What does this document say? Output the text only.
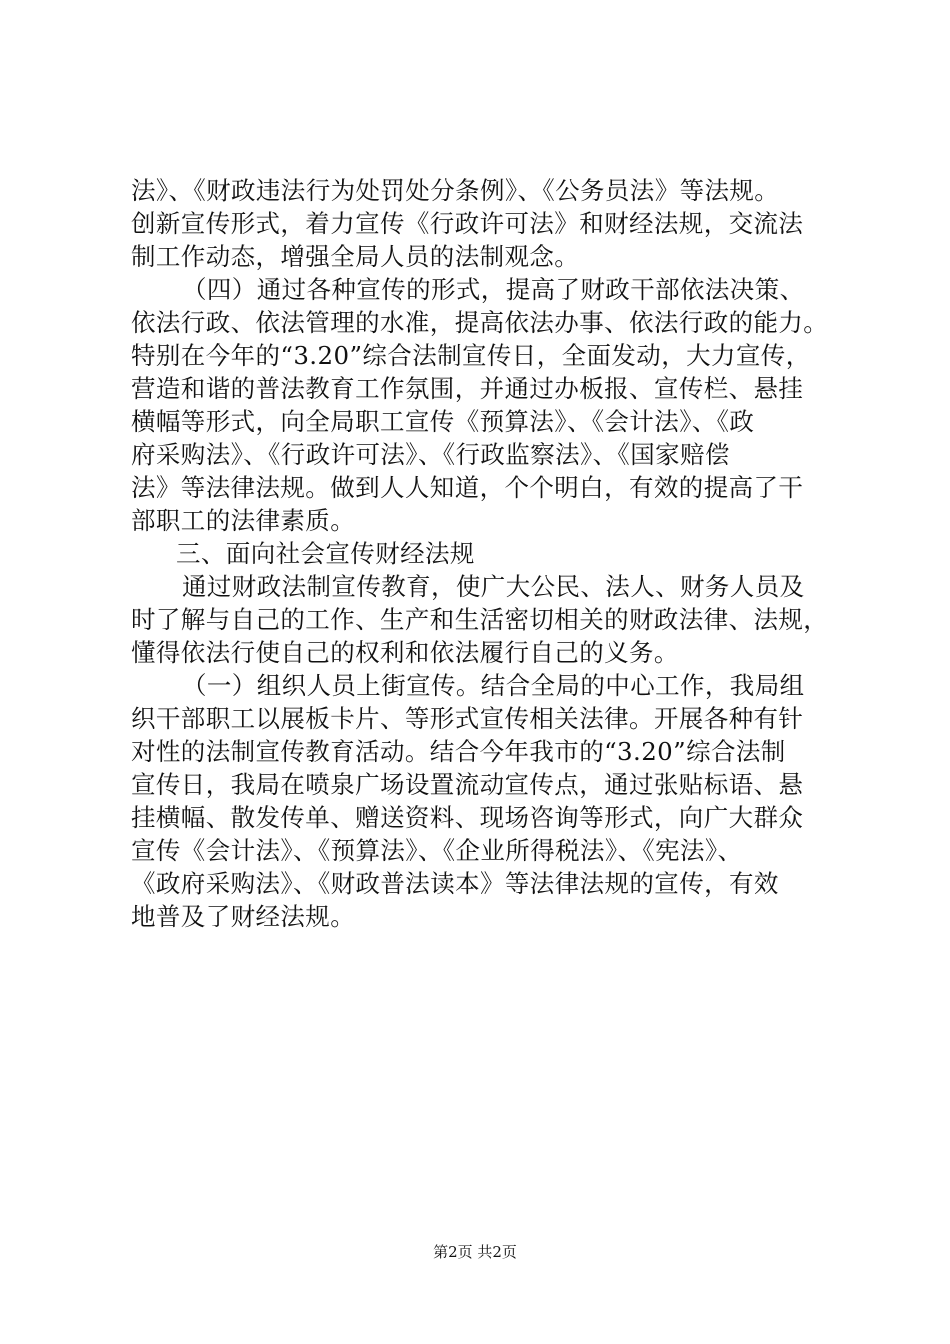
法》、《财政违法行为处罚处分条例》、《公务员法》等法规。
创新宣传形式，着力宣传《行政许可法》和财经法规，交流法
制工作动态，增强全局人员的法制观念。
（四）通过各种宣传的形式，提高了财政干部依法决策、
依法行政、依法管理的水准，提高依法办事、依法行政的能力。
特别在今年的“3.20”综合法制宣传日，全面发动，大力宣传，
营造和谐的普法教育工作氛围，并通过办板报、宣传栏、悬挂
横幅等形式，向全局职工宣传《预算法》、《会计法》、《政
府采购法》、《行政许可法》、《行政监察法》、《国家赔偿
法》等法律法规。做到人人知道，个个明白，有效的提高了干
部职工的法律素质。
三、面向社会宣传财经法规
通过财政法制宣传教育，使广大公民、法人、财务人员及
时了解与自己的工作、生产和生活密切相关的财政法律、法规，
懂得依法行使自己的权利和依法履行自己的义务。
（一）组织人员上街宣传。结合全局的中心工作，我局组
织干部职工以展板卡片、等形式宣传相关法律。开展各种有针
对性的法制宣传教育活动。结合今年我市的“3.20”综合法制
宣传日，我局在喷泉广场设置流动宣传点，通过张贴标语、悬
挂横幅、散发传单、赠送资料、现场咨询等形式，向广大群众
宣传《会计法》、《预算法》、《企业所得税法》、《宪法》、
《政府采购法》、《财政普法读本》等法律法规的宣传，有效
地普及了财经法规。
第2页 共2页
